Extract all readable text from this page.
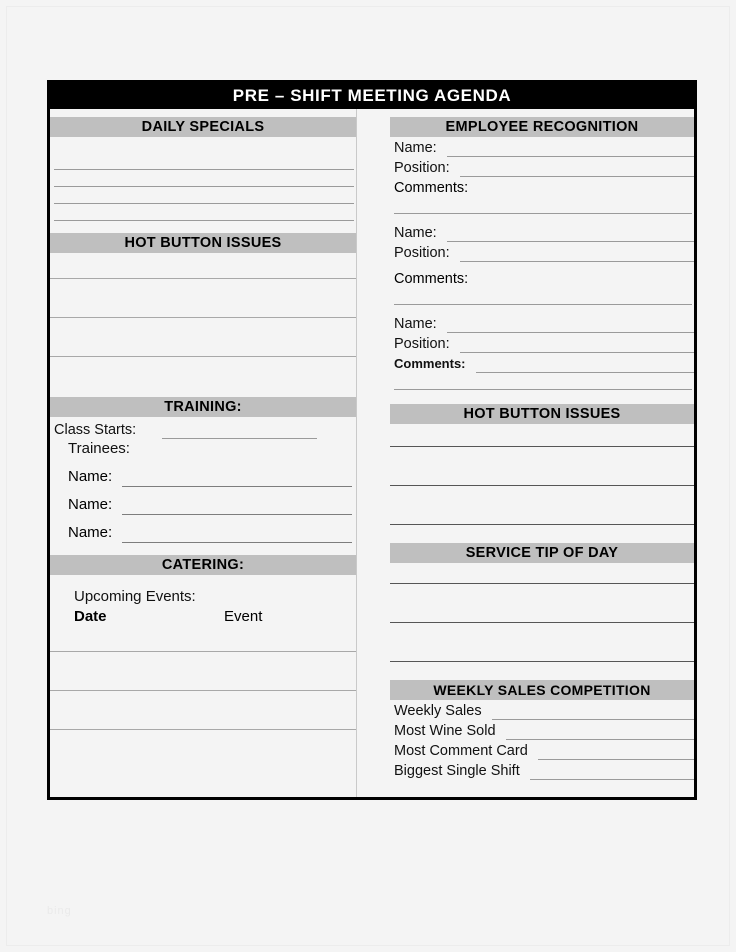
PRE – SHIFT MEETING AGENDA
DAILY SPECIALS
HOT BUTTON ISSUES
TRAINING:
Class Starts:
Trainees:
Name:
Name:
Name:
CATERING:
Upcoming Events:
Date	Event
EMPLOYEE RECOGNITION
Name:
Position:
Comments:
Name:
Position:
Comments:
Name:
Position:
Comments:
HOT BUTTON ISSUES
SERVICE TIP OF DAY
WEEKLY SALES COMPETITION
Weekly Sales
Most Wine Sold
Most Comment Card
Biggest Single Shift
bing
